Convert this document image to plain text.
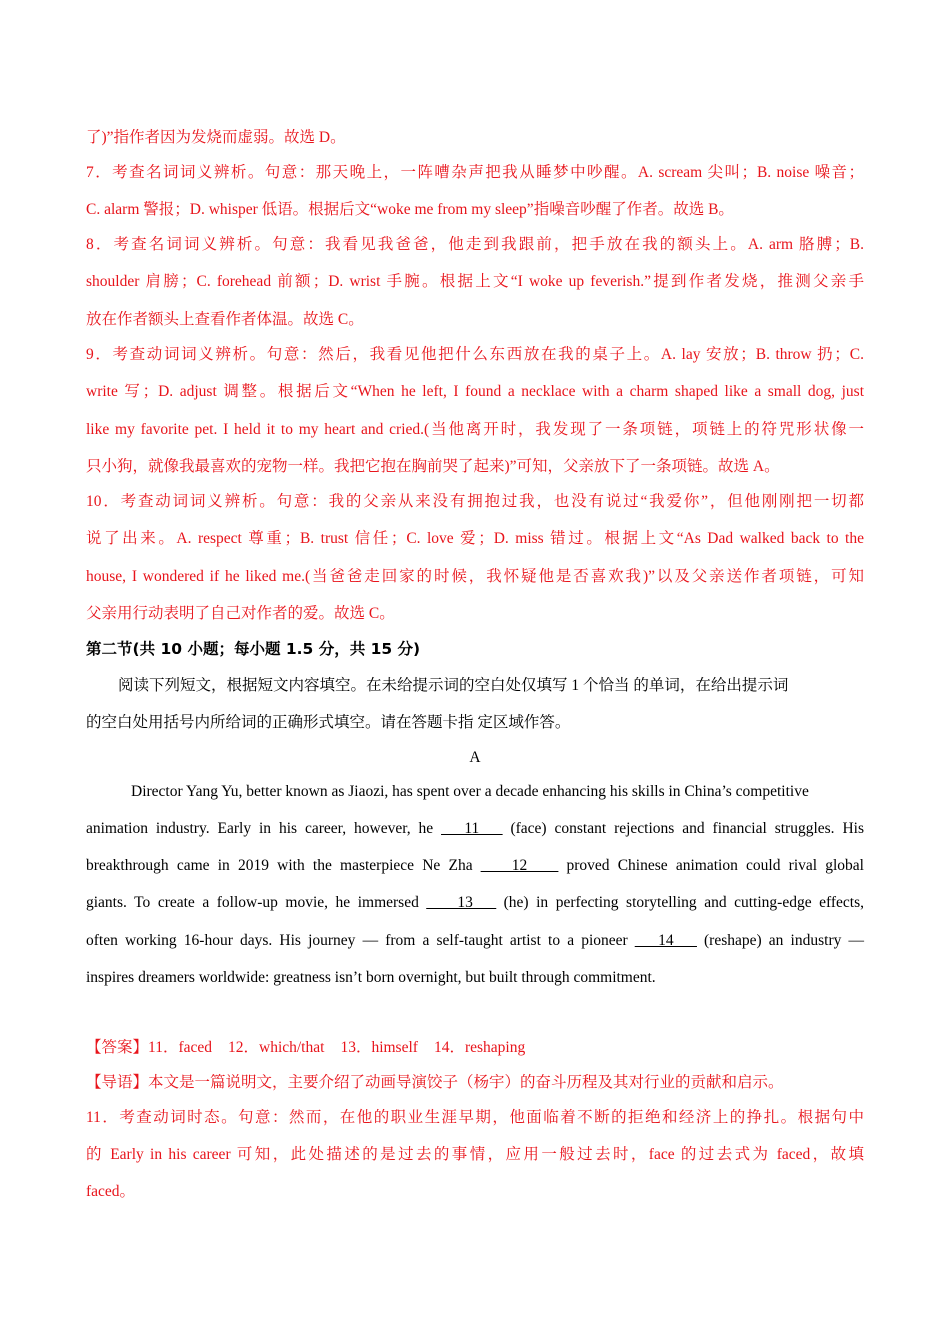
了)”指作者因为发烧而虚弱。故选 D。
7．考查名词词义辨析。句意：那天晚上，一阵嘈杂声把我从睡梦中吵醒。A. scream 尖叫；B. noise 噪音；
C. alarm 警报；D. whisper 低语。根据后文“woke me from my sleep”指噪音吵醒了作者。故选 B。
8．考查名词词义辨析。句意：我看见我爸爸，他走到我跟前，把手放在我的额头上。A. arm 胳膊；B.
shoulder 肩膀；C. forehead 前额；D. wrist 手腕。根据上文“I woke up feverish.”提到作者发烧，推测父亲手
放在作者额头上查看作者体温。故选 C。
9．考查动词词义辨析。句意：然后，我看见他把什么东西放在我的桌子上。A. lay 安放；B. throw 扔；C.
write 写；D. adjust 调整。根据后文“When he left, I found a necklace with a charm shaped like a small dog, just
like my favorite pet. I held it to my heart and cried.(当他离开时，我发现了一条项链，项链上的符咒形状像一
只小狗，就像我最喜欢的宠物一样。我把它抱在胸前哭了起来)”可知，父亲放下了一条项链。故选 A。
10．考查动词词义辨析。句意：我的父亲从来没有拥抱过我，也没有说过“我爱你”，但他刚刚把一切都
说了出来。A. respect 尊重；B. trust 信任；C. love 爱；D. miss 错过。根据上文“As Dad walked back to the
house, I wondered if he liked me.(当爸爸走回家的时候，我怀疑他是否喜欢我)”以及父亲送作者项链，可知
父亲用行动表明了自己对作者的爱。故选 C。
第二节(共 10 小题；每小题 1.5 分，共 15 分)
阅读下列短文，根据短文内容填空。在未给提示词的空白处仅填写 1 个恰当 的单词，在给出提示词
的空白处用括号内所给词的正确形式填空。请在答题卡指 定区域作答。
A
Director Yang Yu, better known as Jiaozi, has spent over a decade enhancing his skills in China’s competitive
animation industry. Early in his career, however, he ___11___ (face) constant rejections and financial struggles. His
breakthrough came in 2019 with the masterpiece Ne Zha ____12____ proved Chinese animation could rival global
giants. To create a follow-up movie, he immersed ____13___ (he) in perfecting storytelling and cutting-edge effects,
often working 16-hour days. His journey — from a self-taught artist to a pioneer ___14___ (reshape) an industry —
inspires dreamers worldwide: greatness isn’t born overnight, but built through commitment.
【答案】11．faced 12．which/that 13．himself 14．reshaping
【导语】本文是一篇说明文，主要介绍了动画导演饺子（杨宇）的奋斗历程及其对行业的贡献和启示。
11．考查动词时态。句意：然而，在他的职业生涯早期，他面临着不断的拒绝和经济上的挣扎。根据句中
的 Early in his career 可知，此处描述的是过去的事情，应用一般过去时，face 的过去式为 faced，故填
faced。
